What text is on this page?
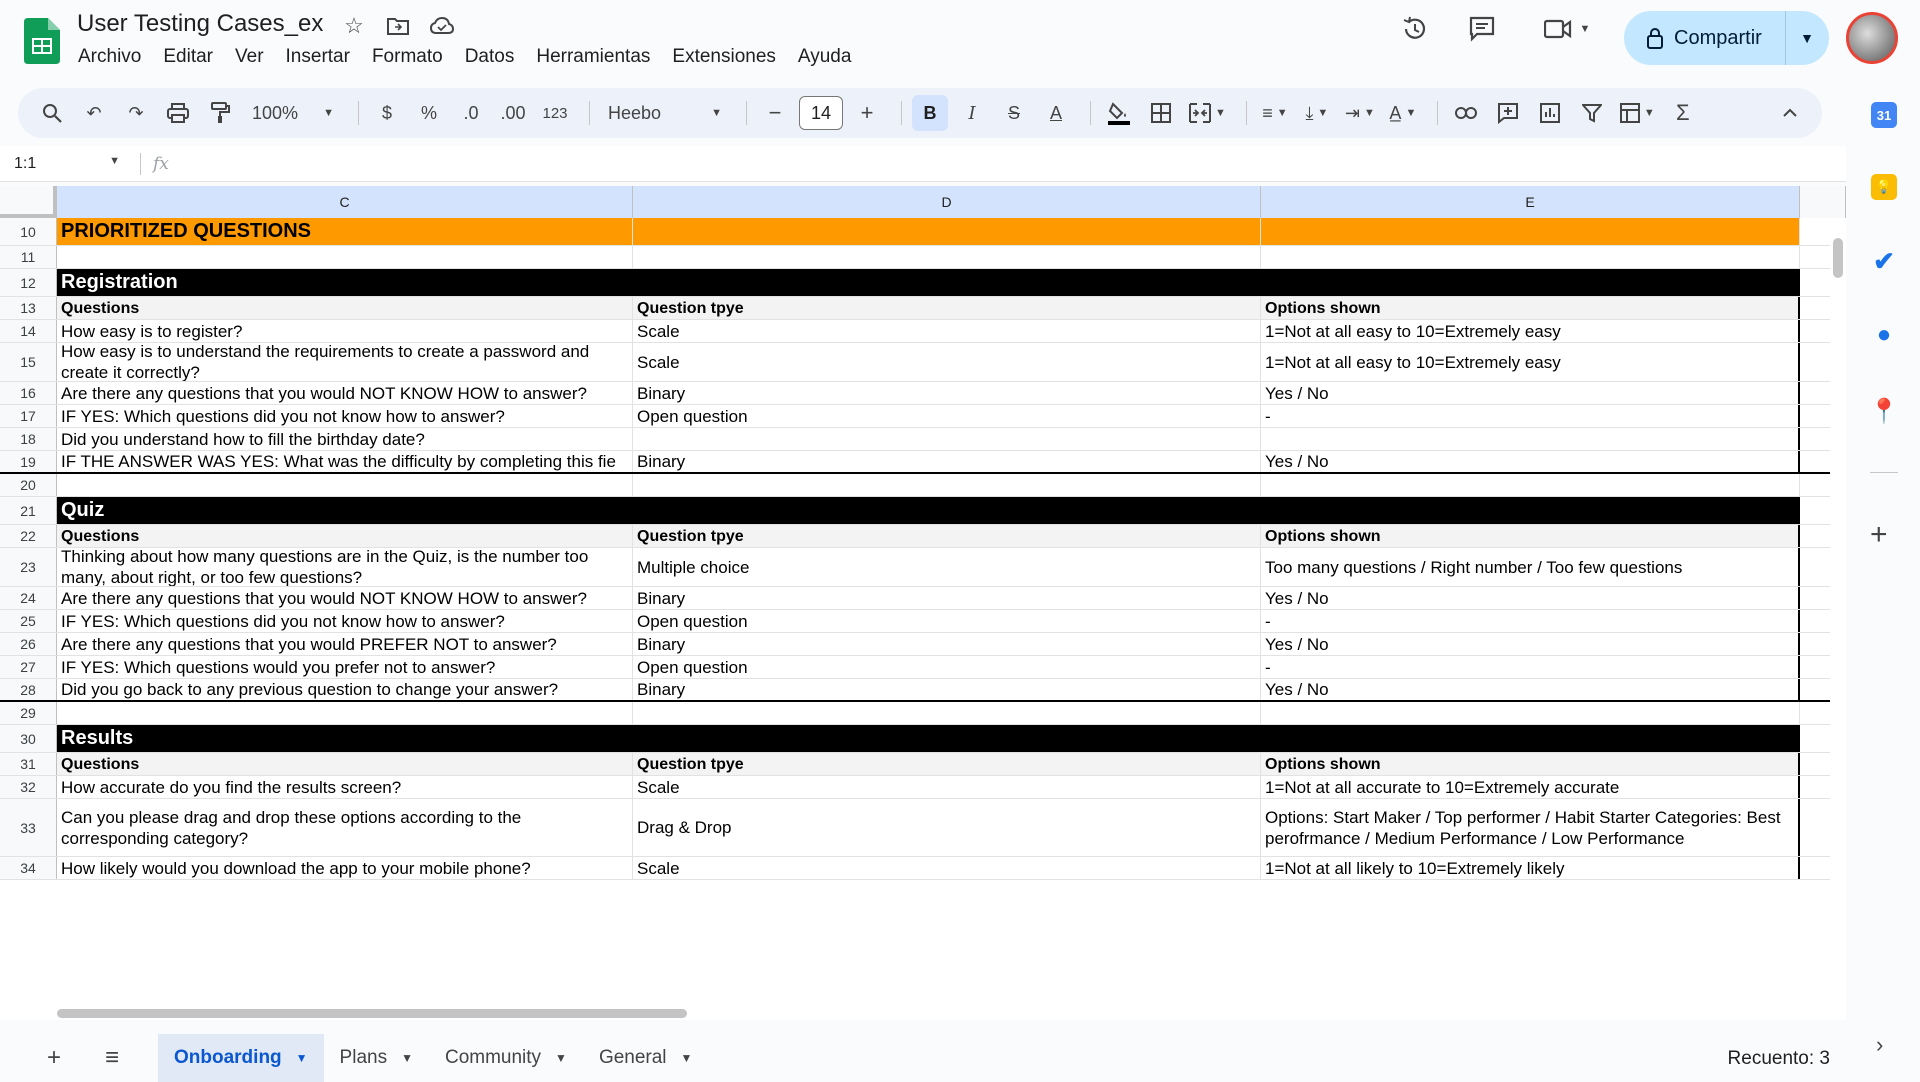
User Testing Cases_ex ☆
Archivo Editar Ver Insertar Formato Datos Herramientas Extensiones Ayuda
▼	Compartir	▼
↶	↷	100% ▼	$	%	.0	.00	123	Heebo	▼	−	14	+	B	I	S	A	▼ ≡ ▼ ⤓ ▼ ⇥ ▼ A̲ ▼	▼ Σ
1:1	▼ fx
C	D	E
10	PRIORITIZED QUESTIONS
11
12	Registration
13	Questions	Question tpye	Options shown
14	How easy is to register?	Scale	1=Not at all easy to 10=Extremely easy
15
How easy is to understand the requirements to create a password and create it correctly?
Scale	1=Not at all easy to 10=Extremely easy
16	Are there any questions that you would NOT KNOW HOW to answer?	Binary	Yes / No
17	IF YES: Which questions did you not know how to answer?	Open question	-
18	Did you understand how to fill the birthday date?
19	IF THE ANSWER WAS YES: What was the difficulty by completing this fie	Binary	Yes / No
20
21	Quiz
22	Questions	Question tpye	Options shown
23
Thinking about how many questions are in the Quiz, is the number too many, about right, or too few questions?
Multiple choice	Too many questions / Right number / Too few questions
24	Are there any questions that you would NOT KNOW HOW to answer?	Binary	Yes / No
25	IF YES: Which questions did you not know how to answer?	Open question	-
26	Are there any questions that you would PREFER NOT to answer?	Binary	Yes / No
27	IF YES: Which questions would you prefer not to answer?	Open question	-
28	Did you go back to any previous question to change your answer?	Binary	Yes / No
29
30	Results
31	Questions	Question tpye	Options shown
32	How accurate do you find the results screen?	Scale	1=Not at all accurate to 10=Extremely accurate
33
Can you please drag and drop these options according to the corresponding category?
Drag & Drop
Options: Start Maker / Top performer / Habit Starter Categories: Best perofrmance / Medium Performance / Low Performance
34	How likely would you download the app to your mobile phone?	Scale	1=Not at all likely to 10=Extremely likely
+	≡	Onboarding ▼ Plans ▼ Community ▼ General ▼	Recuento: 3
31
💡
✔
●
📍
+
›
